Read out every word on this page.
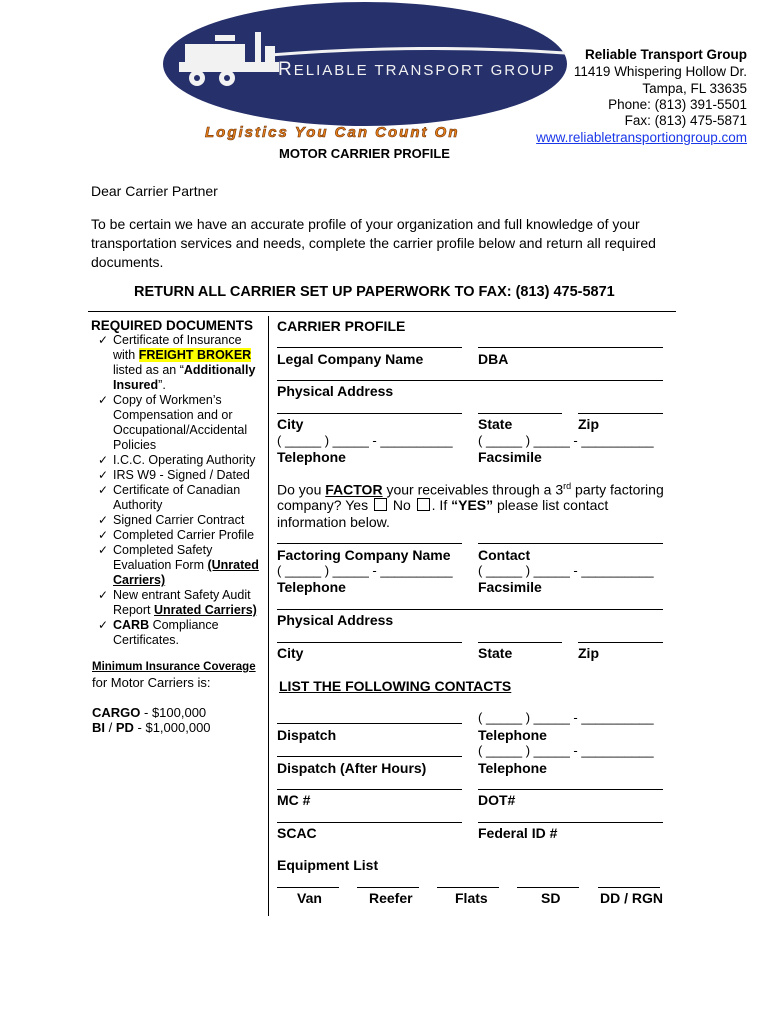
RELIABLE TRANSPORT GROUP
Logistics You Can Count On
Reliable Transport Group
11419 Whispering Hollow Dr.
Tampa, FL 33635
Phone: (813) 391-5501
Fax: (813) 475-5871
www.reliabletransportiongroup.com
MOTOR CARRIER PROFILE
Dear Carrier Partner
To be certain we have an accurate profile of your organization and full knowledge of your
transportation services and needs, complete the carrier profile below and return all required
documents.
RETURN ALL CARRIER SET UP PAPERWORK TO FAX: (813) 475-5871
REQUIRED DOCUMENTS
✓ Certificate of Insurance
with FREIGHT BROKER
listed as an “Additionally
Insured”.
✓ Copy of Workmen’s
Compensation and or
Occupational/Accidental
Policies
✓ I.C.C. Operating Authority
✓ IRS W9 - Signed / Dated
✓ Certificate of Canadian
Authority
✓ Signed Carrier Contract
✓ Completed Carrier Profile
✓ Completed Safety
Evaluation Form (Unrated
Carriers)
✓ New entrant Safety Audit
Report Unrated Carriers)
✓ CARB Compliance
Certificates.
Minimum Insurance Coverage
for Motor Carriers is:
CARGO - $100,000
BI / PD - $1,000,000
CARRIER PROFILE
Legal Company Name	DBA
Physical Address
City	State	Zip
( _____ ) _____ - __________ ( _____ ) _____ - __________
Telephone	Facsimile
Do you FACTOR your receivables through a 3rd party factoring
company? Yes  No . If “YES” please list contact
information below.
Factoring Company Name Contact
( _____ ) _____ - __________ ( _____ ) _____ - __________
Telephone	Facsimile
Physical Address
City	State	Zip
LIST THE FOLLOWING CONTACTS
( _____ ) _____ - __________
Dispatch	Telephone
( _____ ) _____ - __________
Dispatch (After Hours)	Telephone
MC #	DOT#
SCAC	Federal ID #
Equipment List
Van	Reefer	Flats	SD	DD / RGN
